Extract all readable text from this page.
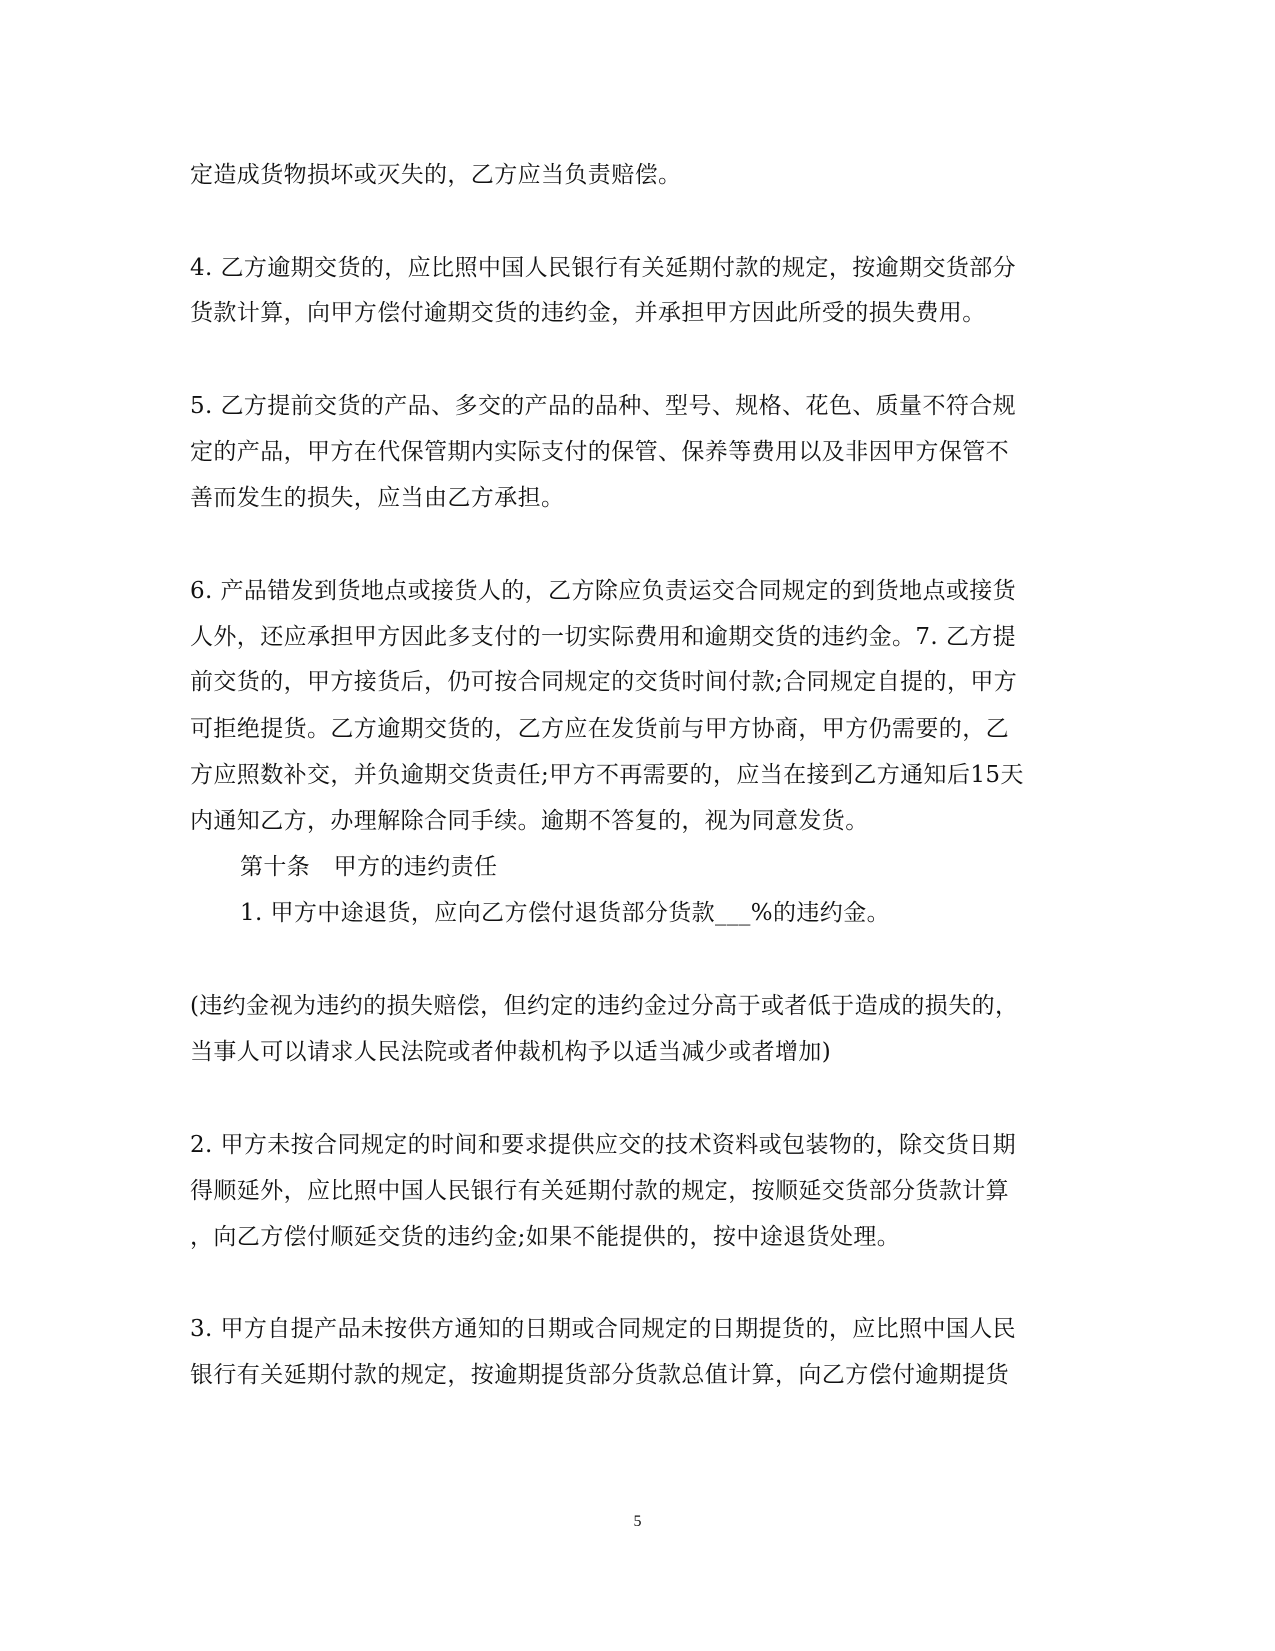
定造成货物损坏或灭失的，乙方应当负责赔偿。
4. 乙方逾期交货的，应比照中国人民银行有关延期付款的规定，按逾期交货部分
货款计算，向甲方偿付逾期交货的违约金，并承担甲方因此所受的损失费用。
5. 乙方提前交货的产品、多交的产品的品种、型号、规格、花色、质量不符合规
定的产品，甲方在代保管期内实际支付的保管、保养等费用以及非因甲方保管不
善而发生的损失，应当由乙方承担。
6. 产品错发到货地点或接货人的，乙方除应负责运交合同规定的到货地点或接货
人外，还应承担甲方因此多支付的一切实际费用和逾期交货的违约金。7. 乙方提
前交货的，甲方接货后，仍可按合同规定的交货时间付款;合同规定自提的，甲方
可拒绝提货。乙方逾期交货的，乙方应在发货前与甲方协商，甲方仍需要的，乙
方应照数补交，并负逾期交货责任;甲方不再需要的，应当在接到乙方通知后15天
内通知乙方，办理解除合同手续。逾期不答复的，视为同意发货。
第十条　甲方的违约责任
1. 甲方中途退货，应向乙方偿付退货部分货款___%的违约金。
(违约金视为违约的损失赔偿，但约定的违约金过分高于或者低于造成的损失的，
当事人可以请求人民法院或者仲裁机构予以适当减少或者增加)
2. 甲方未按合同规定的时间和要求提供应交的技术资料或包装物的，除交货日期
得顺延外，应比照中国人民银行有关延期付款的规定，按顺延交货部分货款计算
，向乙方偿付顺延交货的违约金;如果不能提供的，按中途退货处理。
3. 甲方自提产品未按供方通知的日期或合同规定的日期提货的，应比照中国人民
银行有关延期付款的规定，按逾期提货部分货款总值计算，向乙方偿付逾期提货
5
